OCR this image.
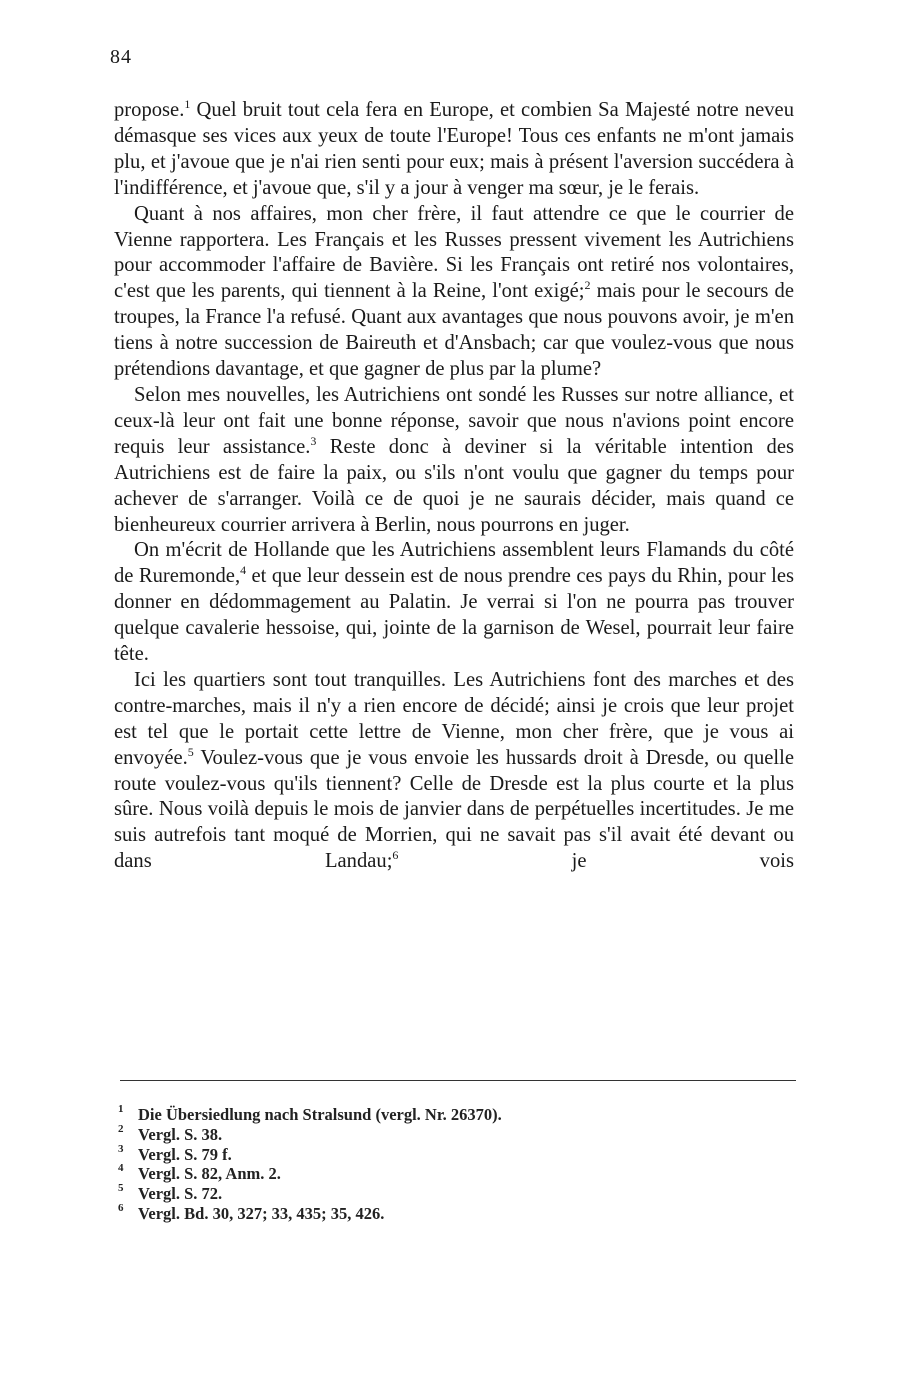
84

propose.$^1$ Quel bruit tout cela fera en Europe, et combien Sa Majesté notre neveu démasque ses vices aux yeux de toute l'Europe! Tous ces enfants ne m'ont jamais plu, et j'avoue que je n'ai rien senti pour eux; mais à présent l'aversion succédera à l'indifférence, et j'avoue que, s'il y a jour à venger ma sœur, je le ferais.

Quant à nos affaires, mon cher frère, il faut attendre ce que le courrier de Vienne rapportera. Les Français et les Russes pressent vivement les Autrichiens pour accommoder l'affaire de Bavière. Si les Français ont retiré nos volontaires, c'est que les parents, qui tiennent à la Reine, l'ont exigé;$^2$ mais pour le secours de troupes, la France l'a refusé. Quant aux avantages que nous pouvons avoir, je m'en tiens à notre succession de Baireuth et d'Ansbach; car que voulez-vous que nous prétendions davantage, et que gagner de plus par la plume?

Selon mes nouvelles, les Autrichiens ont sondé les Russes sur notre alliance, et ceux-là leur ont fait une bonne réponse, savoir que nous n'avions point encore requis leur assistance.$^3$ Reste donc à deviner si la véritable intention des Autrichiens est de faire la paix, ou s'ils n'ont voulu que gagner du temps pour achever de s'arranger. Voilà ce de quoi je ne saurais décider, mais quand ce bienheureux courrier arrivera à Berlin, nous pourrons en juger.

On m'écrit de Hollande que les Autrichiens assemblent leurs Flamands du côté de Ruremonde,$^4$ et que leur dessein est de nous prendre ces pays du Rhin, pour les donner en dédommagement au Palatin. Je verrai si l'on ne pourra pas trouver quelque cavalerie hessoise, qui, jointe de la garnison de Wesel, pourrait leur faire tête.

Ici les quartiers sont tout tranquilles. Les Autrichiens font des marches et des contre-marches, mais il n'y a rien encore de décidé; ainsi je crois que leur projet est tel que le portait cette lettre de Vienne, mon cher frère, que je vous ai envoyée.$^5$ Voulez-vous que je vous envoie les hussards droit à Dresde, ou quelle route voulez-vous qu'ils tiennent? Celle de Dresde est la plus courte et la plus sûre. Nous voilà depuis le mois de janvier dans de perpétuelles incertitudes. Je me suis autrefois tant moqué de Morrien, qui ne savait pas s'il avait été devant ou dans Landau;$^6$ je vois

1 Die Übersiedlung nach Stralsund (vergl. Nr. 26370).

2 Vergl. S. 38.

3 Vergl. S. 79 f.

4 Vergl. S. 82, Anm. 2.

5 Vergl. S. 72.

6 Vergl. Bd. 30, 327; 33, 435; 35, 426.
